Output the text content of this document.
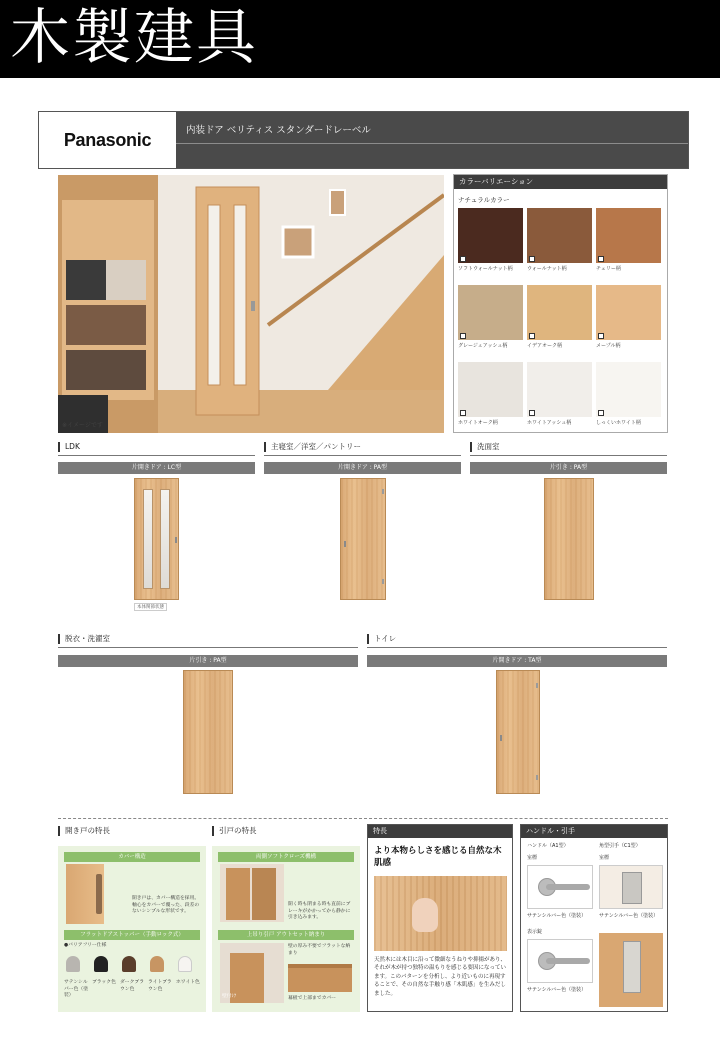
木製建具
Panasonic	内装ドア ベリティス スタンダードレーベル
※イメージです
カラーバリエーション
ナチュラルカラー
ソフトウォールナット柄	ウォールナット柄	チェリー柄
グレージュアッシュ柄	イデアオーク柄	メープル柄
ホワイトオーク柄	ホワイトアッシュ柄	しっくいホワイト柄
LDK
片開きドア : LC型
本体関節状態
主寝室／洋室／パントリー
片開きドア : PA型
洗面室
片引き : PA型
脱衣・洗濯室
片引き : PA型
トイレ
片開きドア : TA型
開き戸の特長
カバー構造
開き戸は、カバー構造を採用。軸心をカバーで覆った、段差のないシンプルな形状です。
フラットドアストッパー（手動ロック式）
●バリアフリー仕様
サテンシルバー色（塗装）
ブラック色 ダークブラウン色
ライトブラウン色
ホワイト色
引戸の特長
両側ソフトクローズ機構
開く時も閉まる時も直前にブレーキがかかってから静かに引き込みます。
上吊り引戸 アウトセット納まり
壁付け
壁の厚み不要でフラットな納まり
幕板で上部までカバー
特長
より本物らしさを感じる自然な木肌感
天然木には木目に沿って微細なうねりや抑揚があり、それが木が持つ独特の温もりを感じる要因になっています。このパターンを分析し、より近いものに再現することで、その自然な手触り感「木肌感」を生みだしました。
ハンドル・引手
ハンドル（A1型）	角型引手（C1型）
室標	室標
サテンシルバー色（塗装）	サテンシルバー色（塗装）
表示錠
サテンシルバー色（塗装）
